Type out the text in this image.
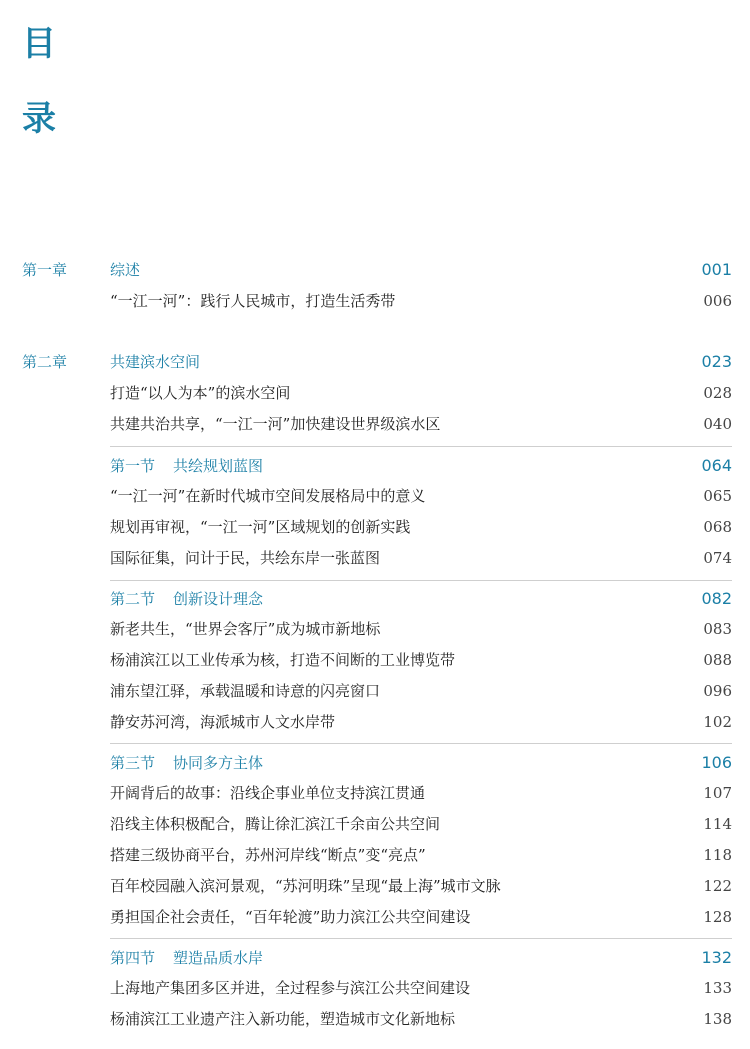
目
录
第一章	综述	001
“一江一河”：践行人民城市，打造生活秀带	006
第二章	共建滨水空间	023
打造“以人为本”的滨水空间	028
共建共治共享，“一江一河”加快建设世界级滨水区	040
第一节 共绘规划蓝图	064
“一江一河”在新时代城市空间发展格局中的意义	065
规划再审视，“一江一河”区域规划的创新实践	068
国际征集，问计于民，共绘东岸一张蓝图	074
第二节 创新设计理念	082
新老共生，“世界会客厅”成为城市新地标	083
杨浦滨江以工业传承为核，打造不间断的工业博览带	088
浦东望江驿，承载温暖和诗意的闪亮窗口	096
静安苏河湾，海派城市人文水岸带	102
第三节 协同多方主体	106
开阔背后的故事：沿线企事业单位支持滨江贯通	107
沿线主体积极配合，腾让徐汇滨江千余亩公共空间	114
搭建三级协商平台，苏州河岸线“断点”变“亮点”	118
百年校园融入滨河景观，“苏河明珠”呈现“最上海”城市文脉	122
勇担国企社会责任，“百年轮渡”助力滨江公共空间建设	128
第四节 塑造品质水岸	132
上海地产集团多区并进，全过程参与滨江公共空间建设	133
杨浦滨江工业遗产注入新功能，塑造城市文化新地标	138
